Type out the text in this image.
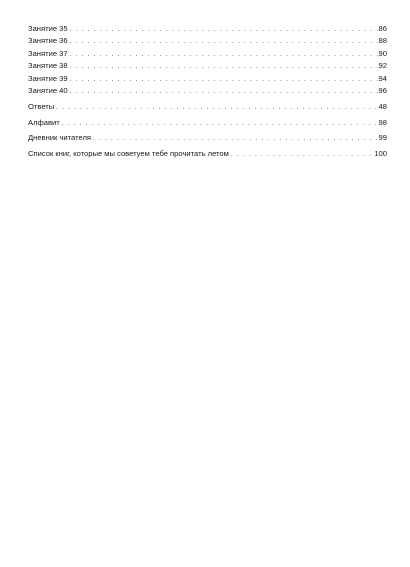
Занятие 35 . . .	86
Занятие 36 . . .	88
Занятие 37 . . .	90
Занятие 38 . . .	92
Занятие 39 . . .	94
Занятие 40 . . .	96
Ответы . . .	48
Алфавит . . .	98
Дневник читателя . . .	99
Список книг, которые мы советуем тебе прочитать летом . . .	100
